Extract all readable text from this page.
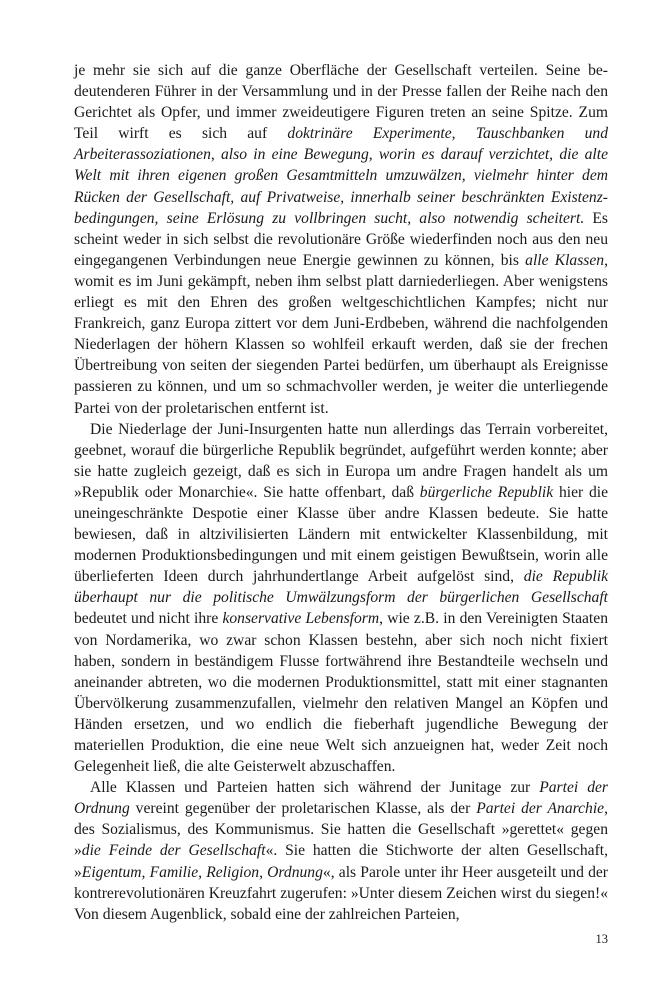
je mehr sie sich auf die ganze Oberfläche der Gesellschaft verteilen. Seine bedeutenderen Führer in der Versammlung und in der Presse fallen der Reihe nach den Gerichtet als Opfer, und immer zweideutigere Figuren treten an seine Spitze. Zum Teil wirft es sich auf doktrinäre Experimente, Tauschbanken und Arbeiterassoziationen, also in eine Bewegung, worin es darauf verzichtet, die alte Welt mit ihren eigenen großen Gesamtmitteln umzuwälzen, vielmehr hinter dem Rücken der Gesellschaft, auf Privatweise, innerhalb seiner beschränkten Existenzbedingungen, seine Erlösung zu vollbringen sucht, also notwendig scheitert. Es scheint weder in sich selbst die revolutionäre Größe wiederfinden noch aus den neu eingegangenen Verbindungen neue Energie gewinnen zu können, bis alle Klassen, womit es im Juni gekämpft, neben ihm selbst platt darniederliegen. Aber wenigstens erliegt es mit den Ehren des großen weltgeschichtlichen Kampfes; nicht nur Frankreich, ganz Europa zittert vor dem Juni-Erdbeben, während die nachfolgenden Niederlagen der höhern Klassen so wohlfeil erkauft werden, daß sie der frechen Übertreibung von seiten der siegenden Partei bedürfen, um überhaupt als Ereignisse passieren zu können, und um so schmachvoller werden, je weiter die unterliegende Partei von der proletarischen entfernt ist.

Die Niederlage der Juni-Insurgenten hatte nun allerdings das Terrain vorbereitet, geebnet, worauf die bürgerliche Republik begründet, aufgeführt werden konnte; aber sie hatte zugleich gezeigt, daß es sich in Europa um andre Fragen handelt als um »Republik oder Monarchie«. Sie hatte offenbart, daß bürgerliche Republik hier die uneingeschränkte Despotie einer Klasse über andre Klassen bedeute. Sie hatte bewiesen, daß in altzivilisierten Ländern mit entwickelter Klassenbildung, mit modernen Produktionsbedingungen und mit einem geistigen Bewußtsein, worin alle überlieferten Ideen durch jahrhundertlange Arbeit aufgelöst sind, die Republik überhaupt nur die politische Umwälzungsform der bürgerlichen Gesellschaft bedeutet und nicht ihre konservative Lebensform, wie z.B. in den Vereinigten Staaten von Nordamerika, wo zwar schon Klassen bestehn, aber sich noch nicht fixiert haben, sondern in beständigem Flusse fortwährend ihre Bestandteile wechseln und aneinander abtreten, wo die modernen Produktionsmittel, statt mit einer stagnanten Übervölkerung zusammenzufallen, vielmehr den relativen Mangel an Köpfen und Händen ersetzen, und wo endlich die fieberhaft jugendliche Bewegung der materiellen Produktion, die eine neue Welt sich anzueignen hat, weder Zeit noch Gelegenheit ließ, die alte Geisterwelt abzuschaffen.

Alle Klassen und Parteien hatten sich während der Junitage zur Partei der Ordnung vereint gegenüber der proletarischen Klasse, als der Partei der Anarchie, des Sozialismus, des Kommunismus. Sie hatten die Gesellschaft »gerettet« gegen »die Feinde der Gesellschaft«. Sie hatten die Stichworte der alten Gesellschaft, »Eigentum, Familie, Religion, Ordnung«, als Parole unter ihr Heer ausgeteilt und der kontrerevolutionären Kreuzfahrt zugerufen: »Unter diesem Zeichen wirst du siegen!« Von diesem Augenblick, sobald eine der zahlreichen Parteien,

13
